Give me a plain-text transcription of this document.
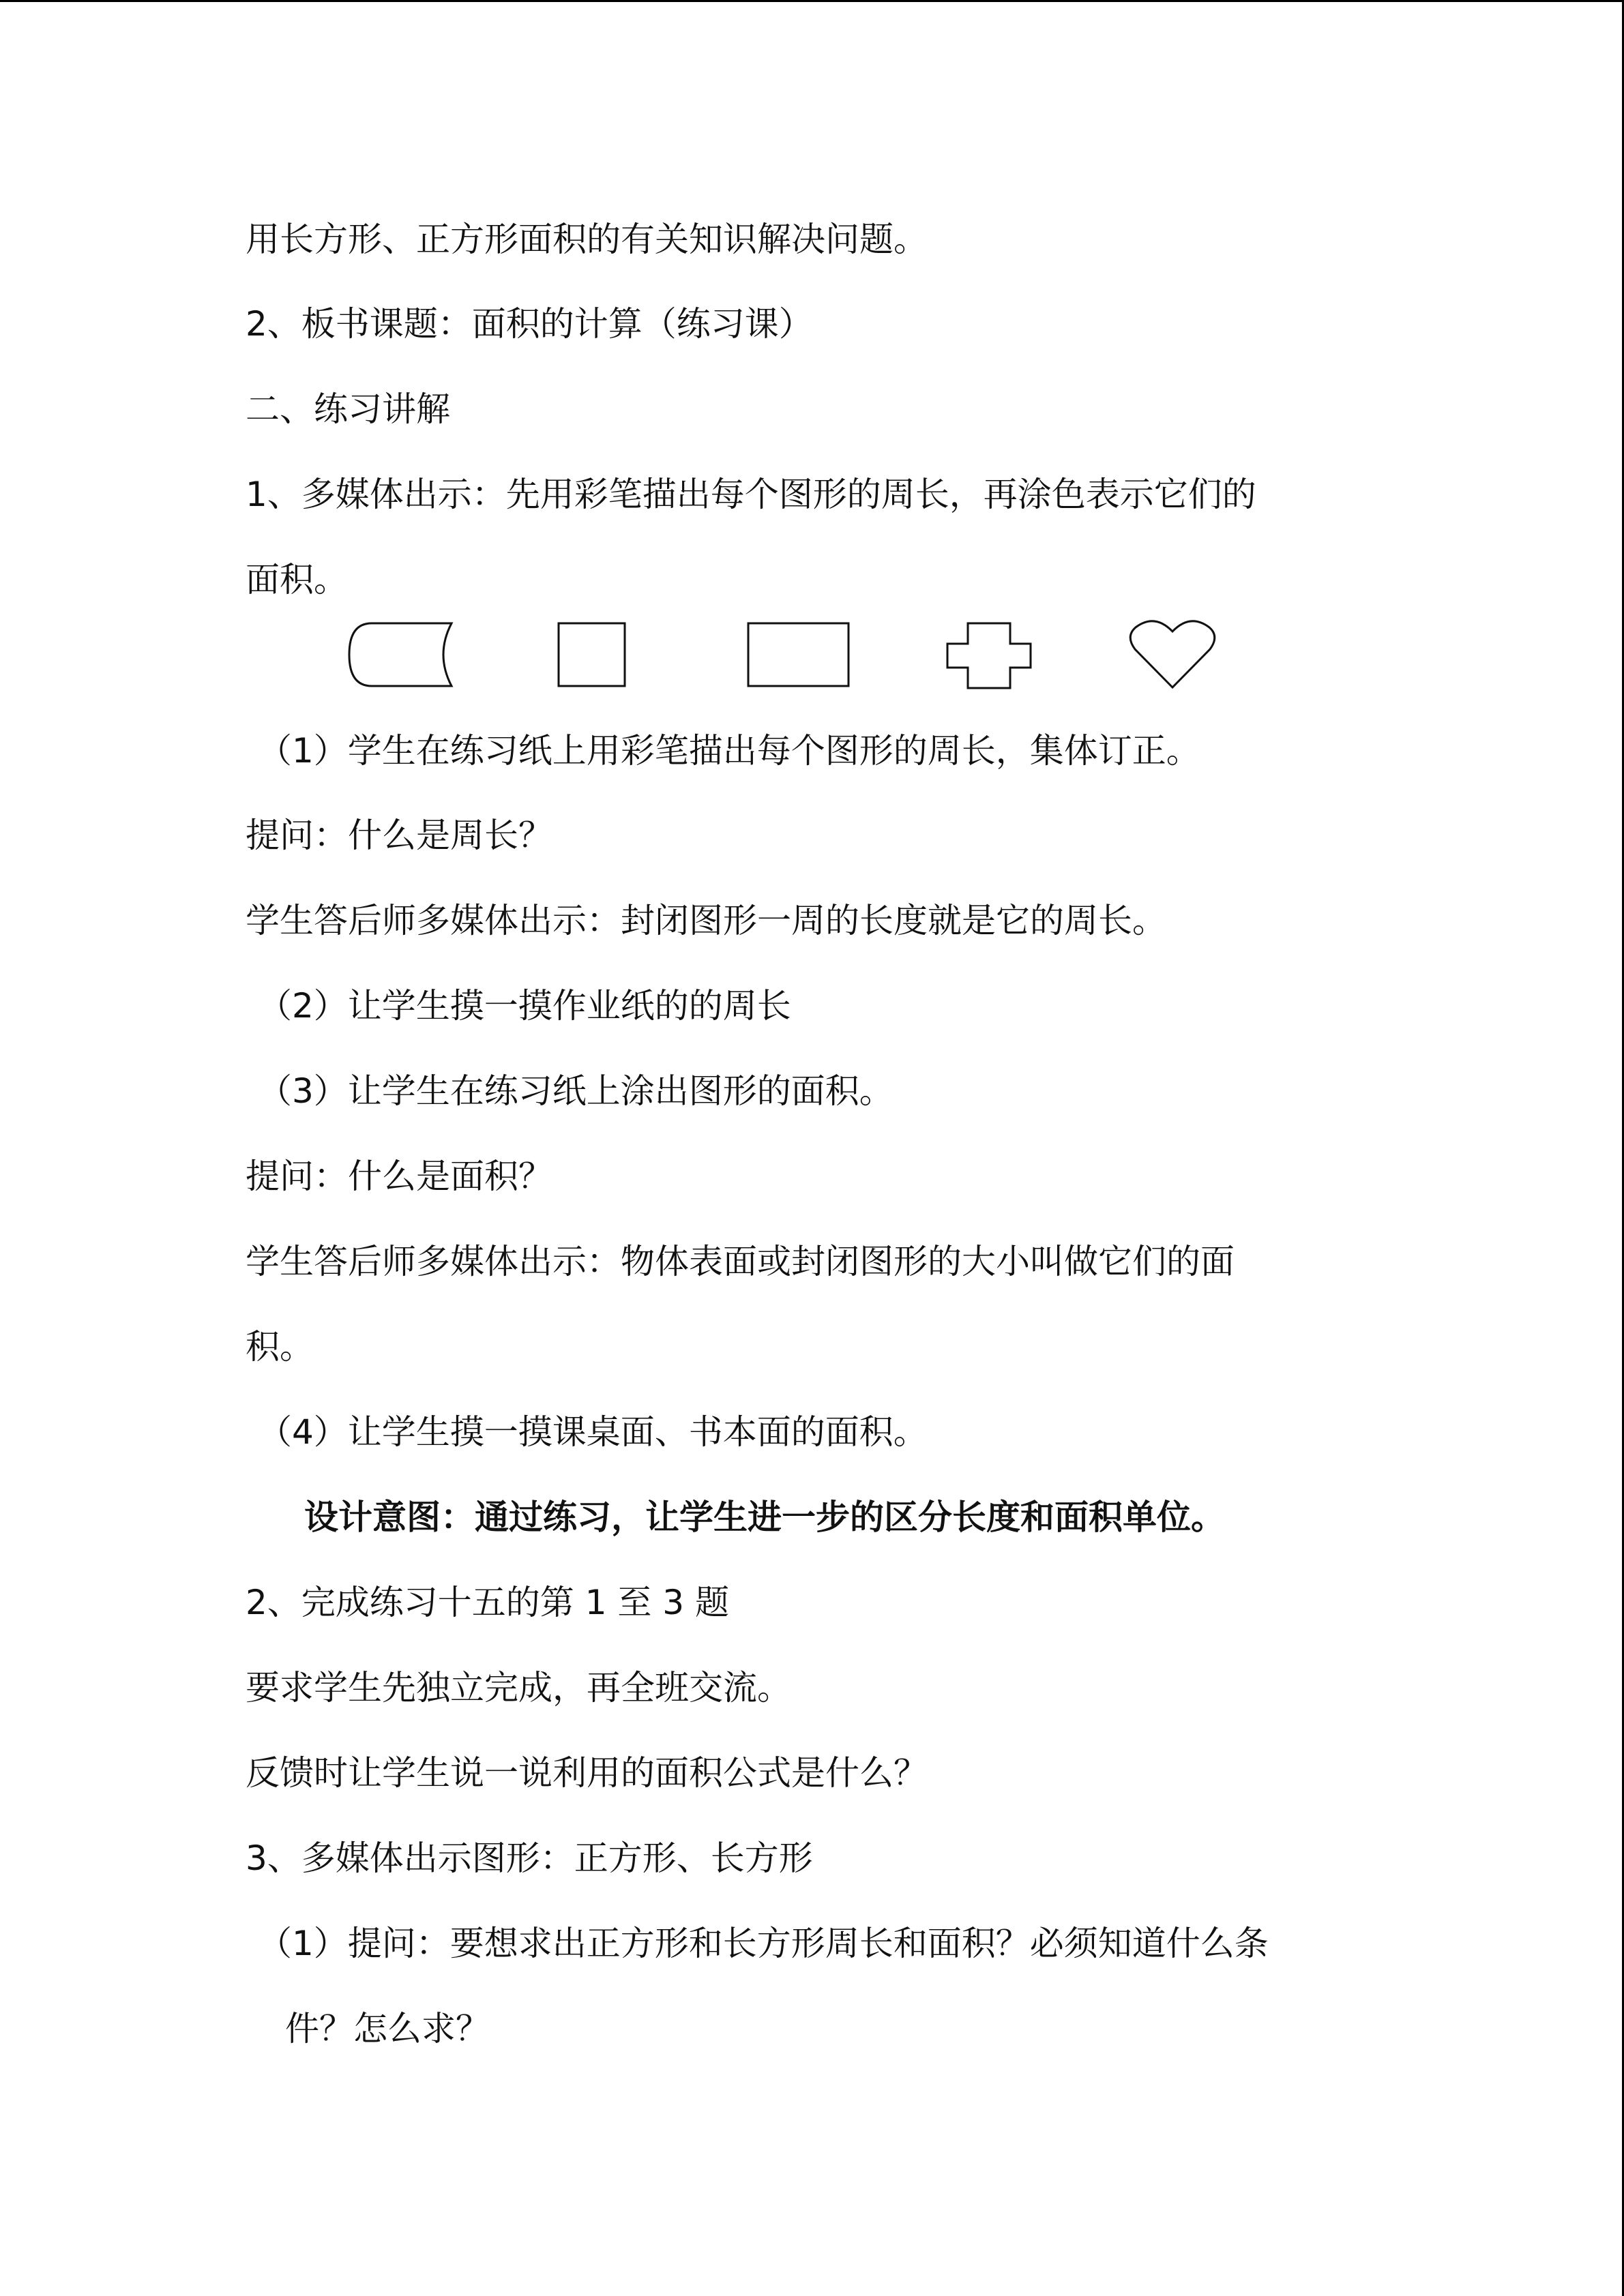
用长方形、正方形面积的有关知识解决问题。
2、板书课题：面积的计算（练习课）
二、练习讲解
1、多媒体出示：先用彩笔描出每个图形的周长，再涂色表示它们的
面积。
（1）学生在练习纸上用彩笔描出每个图形的周长，集体订正。
提问：什么是周长？
学生答后师多媒体出示：封闭图形一周的长度就是它的周长。
（2）让学生摸一摸作业纸的的周长
（3）让学生在练习纸上涂出图形的面积。
提问：什么是面积？
学生答后师多媒体出示：物体表面或封闭图形的大小叫做它们的面
积。
（4）让学生摸一摸课桌面、书本面的面积。
设计意图：通过练习，让学生进一步的区分长度和面积单位。
2、完成练习十五的第 1 至 3 题
要求学生先独立完成，再全班交流。
反馈时让学生说一说利用的面积公式是什么？
3、多媒体出示图形：正方形、长方形
（1）提问：要想求出正方形和长方形周长和面积？必须知道什么条
件？怎么求？
